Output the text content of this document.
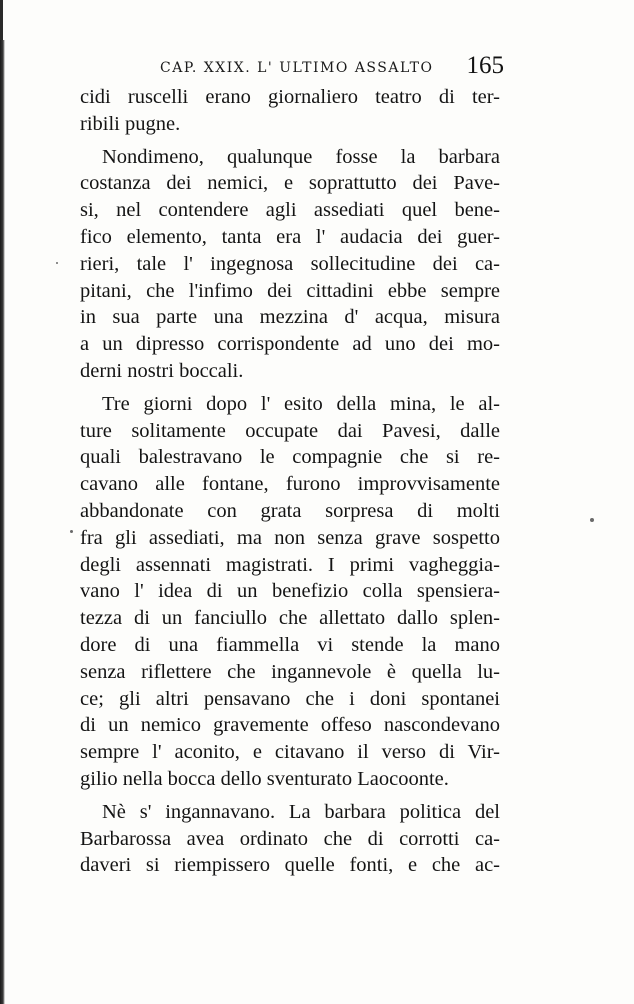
CAP. XXIX. L' ULTIMO ASSALTO 165
cidi ruscelli erano giornaliero teatro di ter-
ribili pugne.
Nondimeno, qualunque fosse la barbara
costanza dei nemici, e soprattutto dei Pave-
si, nel contendere agli assediati quel bene-
fico elemento, tanta era l' audacia dei guer-
rieri, tale l' ingegnosa sollecitudine dei ca-
pitani, che l'infimo dei cittadini ebbe sempre
in sua parte una mezzina d' acqua, misura
a un dipresso corrispondente ad uno dei mo-
derni nostri boccali.
Tre giorni dopo l' esito della mina, le al-
ture solitamente occupate dai Pavesi, dalle
quali balestravano le compagnie che si re-
cavano alle fontane, furono improvvisamente
abbandonate con grata sorpresa di molti
fra gli assediati, ma non senza grave sospetto
degli assennati magistrati. I primi vagheggia-
vano l' idea di un benefizio colla spensiera-
tezza di un fanciullo che allettato dallo splen-
dore di una fiammella vi stende la mano
senza riflettere che ingannevole è quella lu-
ce; gli altri pensavano che i doni spontanei
di un nemico gravemente offeso nascondevano
sempre l' aconito, e citavano il verso di Vir-
gilio nella bocca dello sventurato Laocoonte.
Nè s' ingannavano. La barbara politica del
Barbarossa avea ordinato che di corrotti ca-
daveri si riempissero quelle fonti, e che ac-
